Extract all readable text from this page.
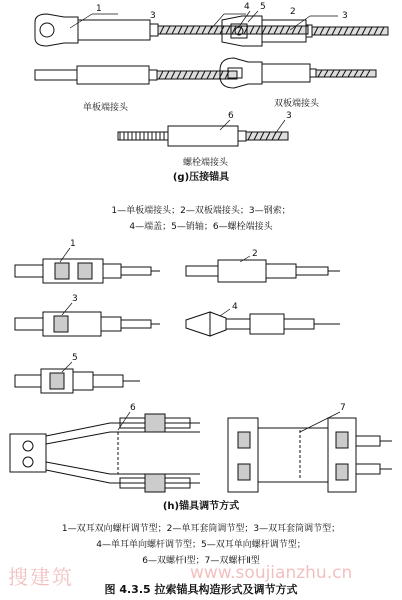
1
3
4 5	2	3
6	3
1
2
3
4
5
6	7
单板端接头	双板端接头
螺栓端接头
(g)压接锚具
1—单板端接头；2—双板端接头；3—钢索；
4—端盖；5—销轴；6—螺栓端接头
(h)锚具调节方式
1—双耳双向螺杆调节型；2—单耳套筒调节型；3—双耳套筒调节型；
4—单耳单向螺杆调节型；5—双耳单向螺杆调节型；
6—双螺杆Ⅰ型；7—双螺杆Ⅱ型
搜建筑	www.soujianzhu.cn
图 4.3.5 拉索锚具构造形式及调节方式
